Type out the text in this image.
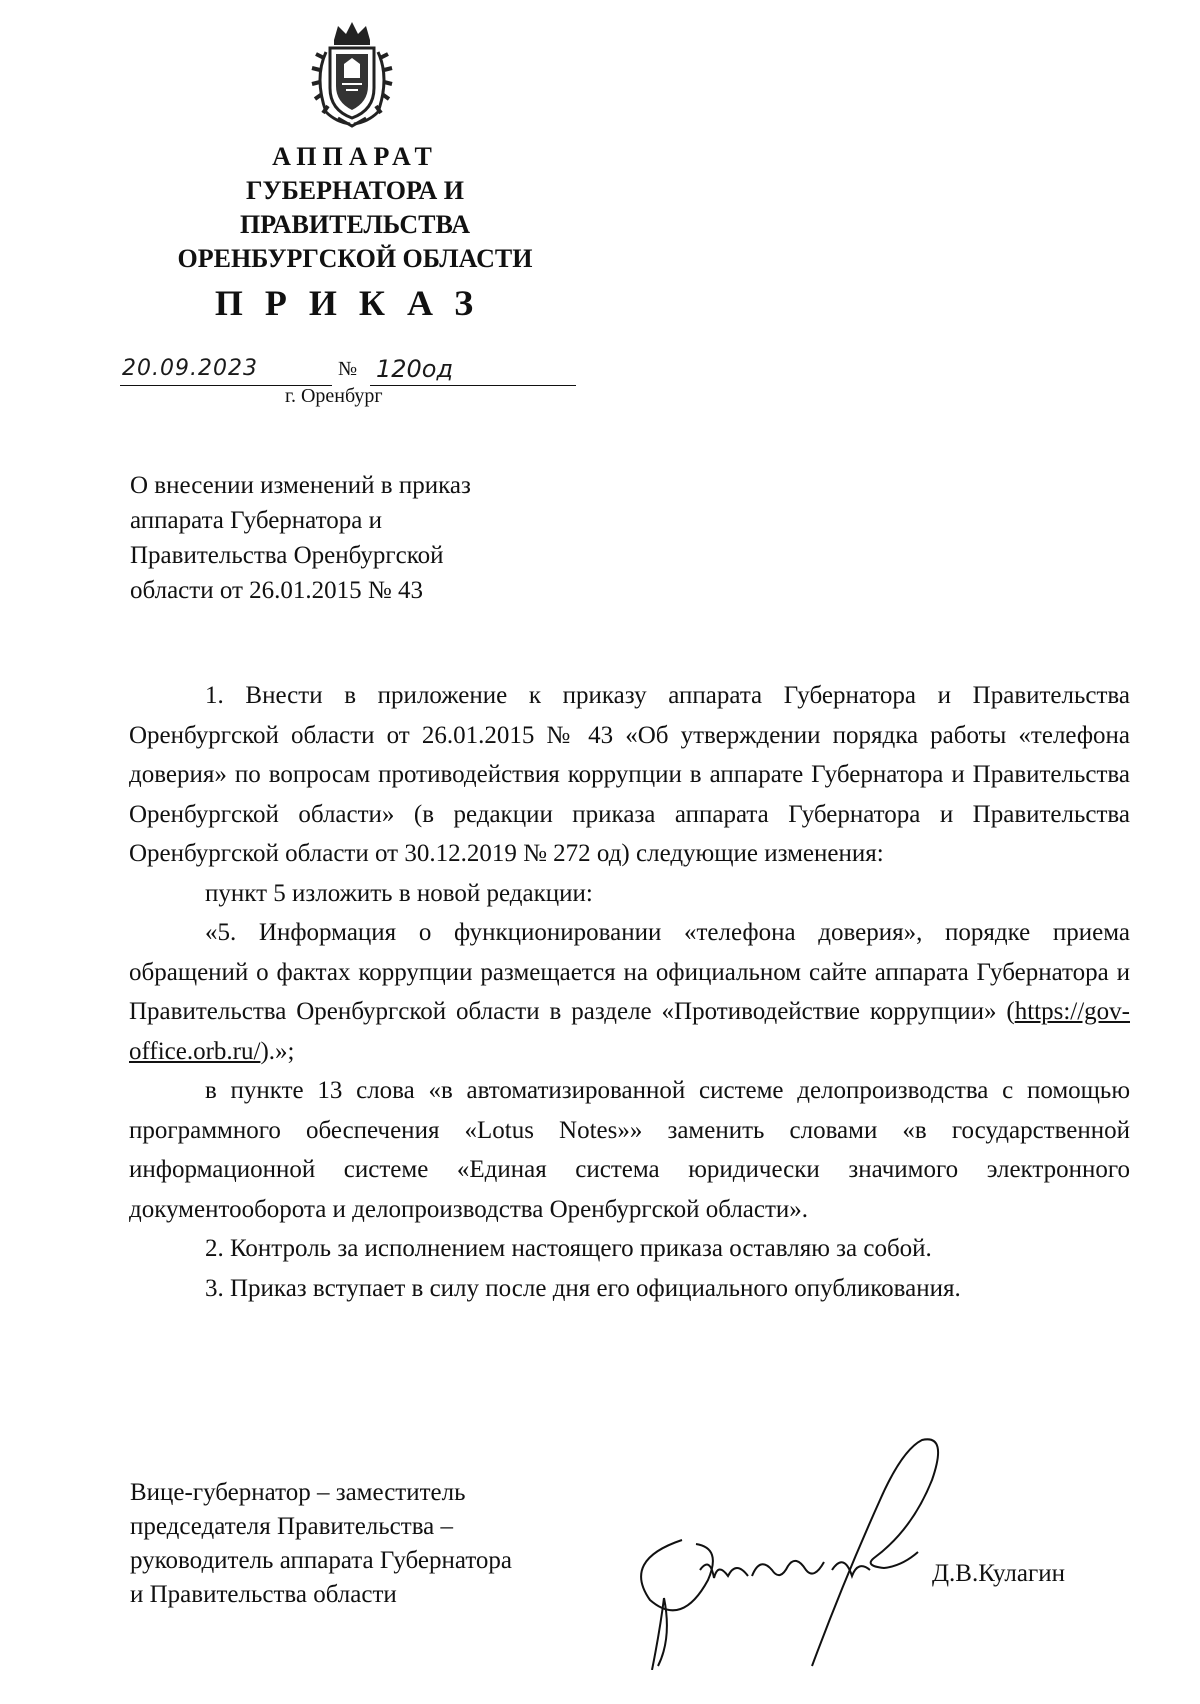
АППАРАТ
ГУБЕРНАТОРА И
ПРАВИТЕЛЬСТВА
ОРЕНБУРГСКОЙ ОБЛАСТИ
ПРИКАЗ
20.09.2023	№ 120од
г. Оренбург
О внесении изменений в приказ
аппарата Губернатора и
Правительства Оренбургской
области от 26.01.2015 № 43

1. Внести в приложение к приказу аппарата Губернатора и Правительства Оренбургской области от 26.01.2015 № 43 «Об утверждении порядка работы «телефона доверия» по вопросам противодействия коррупции в аппарате Губернатора и Правительства Оренбургской области» (в редакции приказа аппарата Губернатора и Правительства Оренбургской области от 30.12.2019 № 272 од) следующие изменения:

пункт 5 изложить в новой редакции:

«5. Информация о функционировании «телефона доверия», порядке приема обращений о фактах коррупции размещается на официальном сайте аппарата Губернатора и Правительства Оренбургской области в разделе «Противодействие коррупции» (https://gov-office.orb.ru/).»;

в пункте 13 слова «в автоматизированной системе делопроизводства с помощью программного обеспечения «Lotus Notes»» заменить словами «в государственной информационной системе «Единая система юридически значимого электронного документооборота и делопроизводства Оренбургской области».

2. Контроль за исполнением настоящего приказа оставляю за собой.

3. Приказ вступает в силу после дня его официального опубликования.

Вице-губернатор – заместитель
председателя Правительства –
руководитель аппарата Губернатора
и Правительства области
Д.В.Кулагин
